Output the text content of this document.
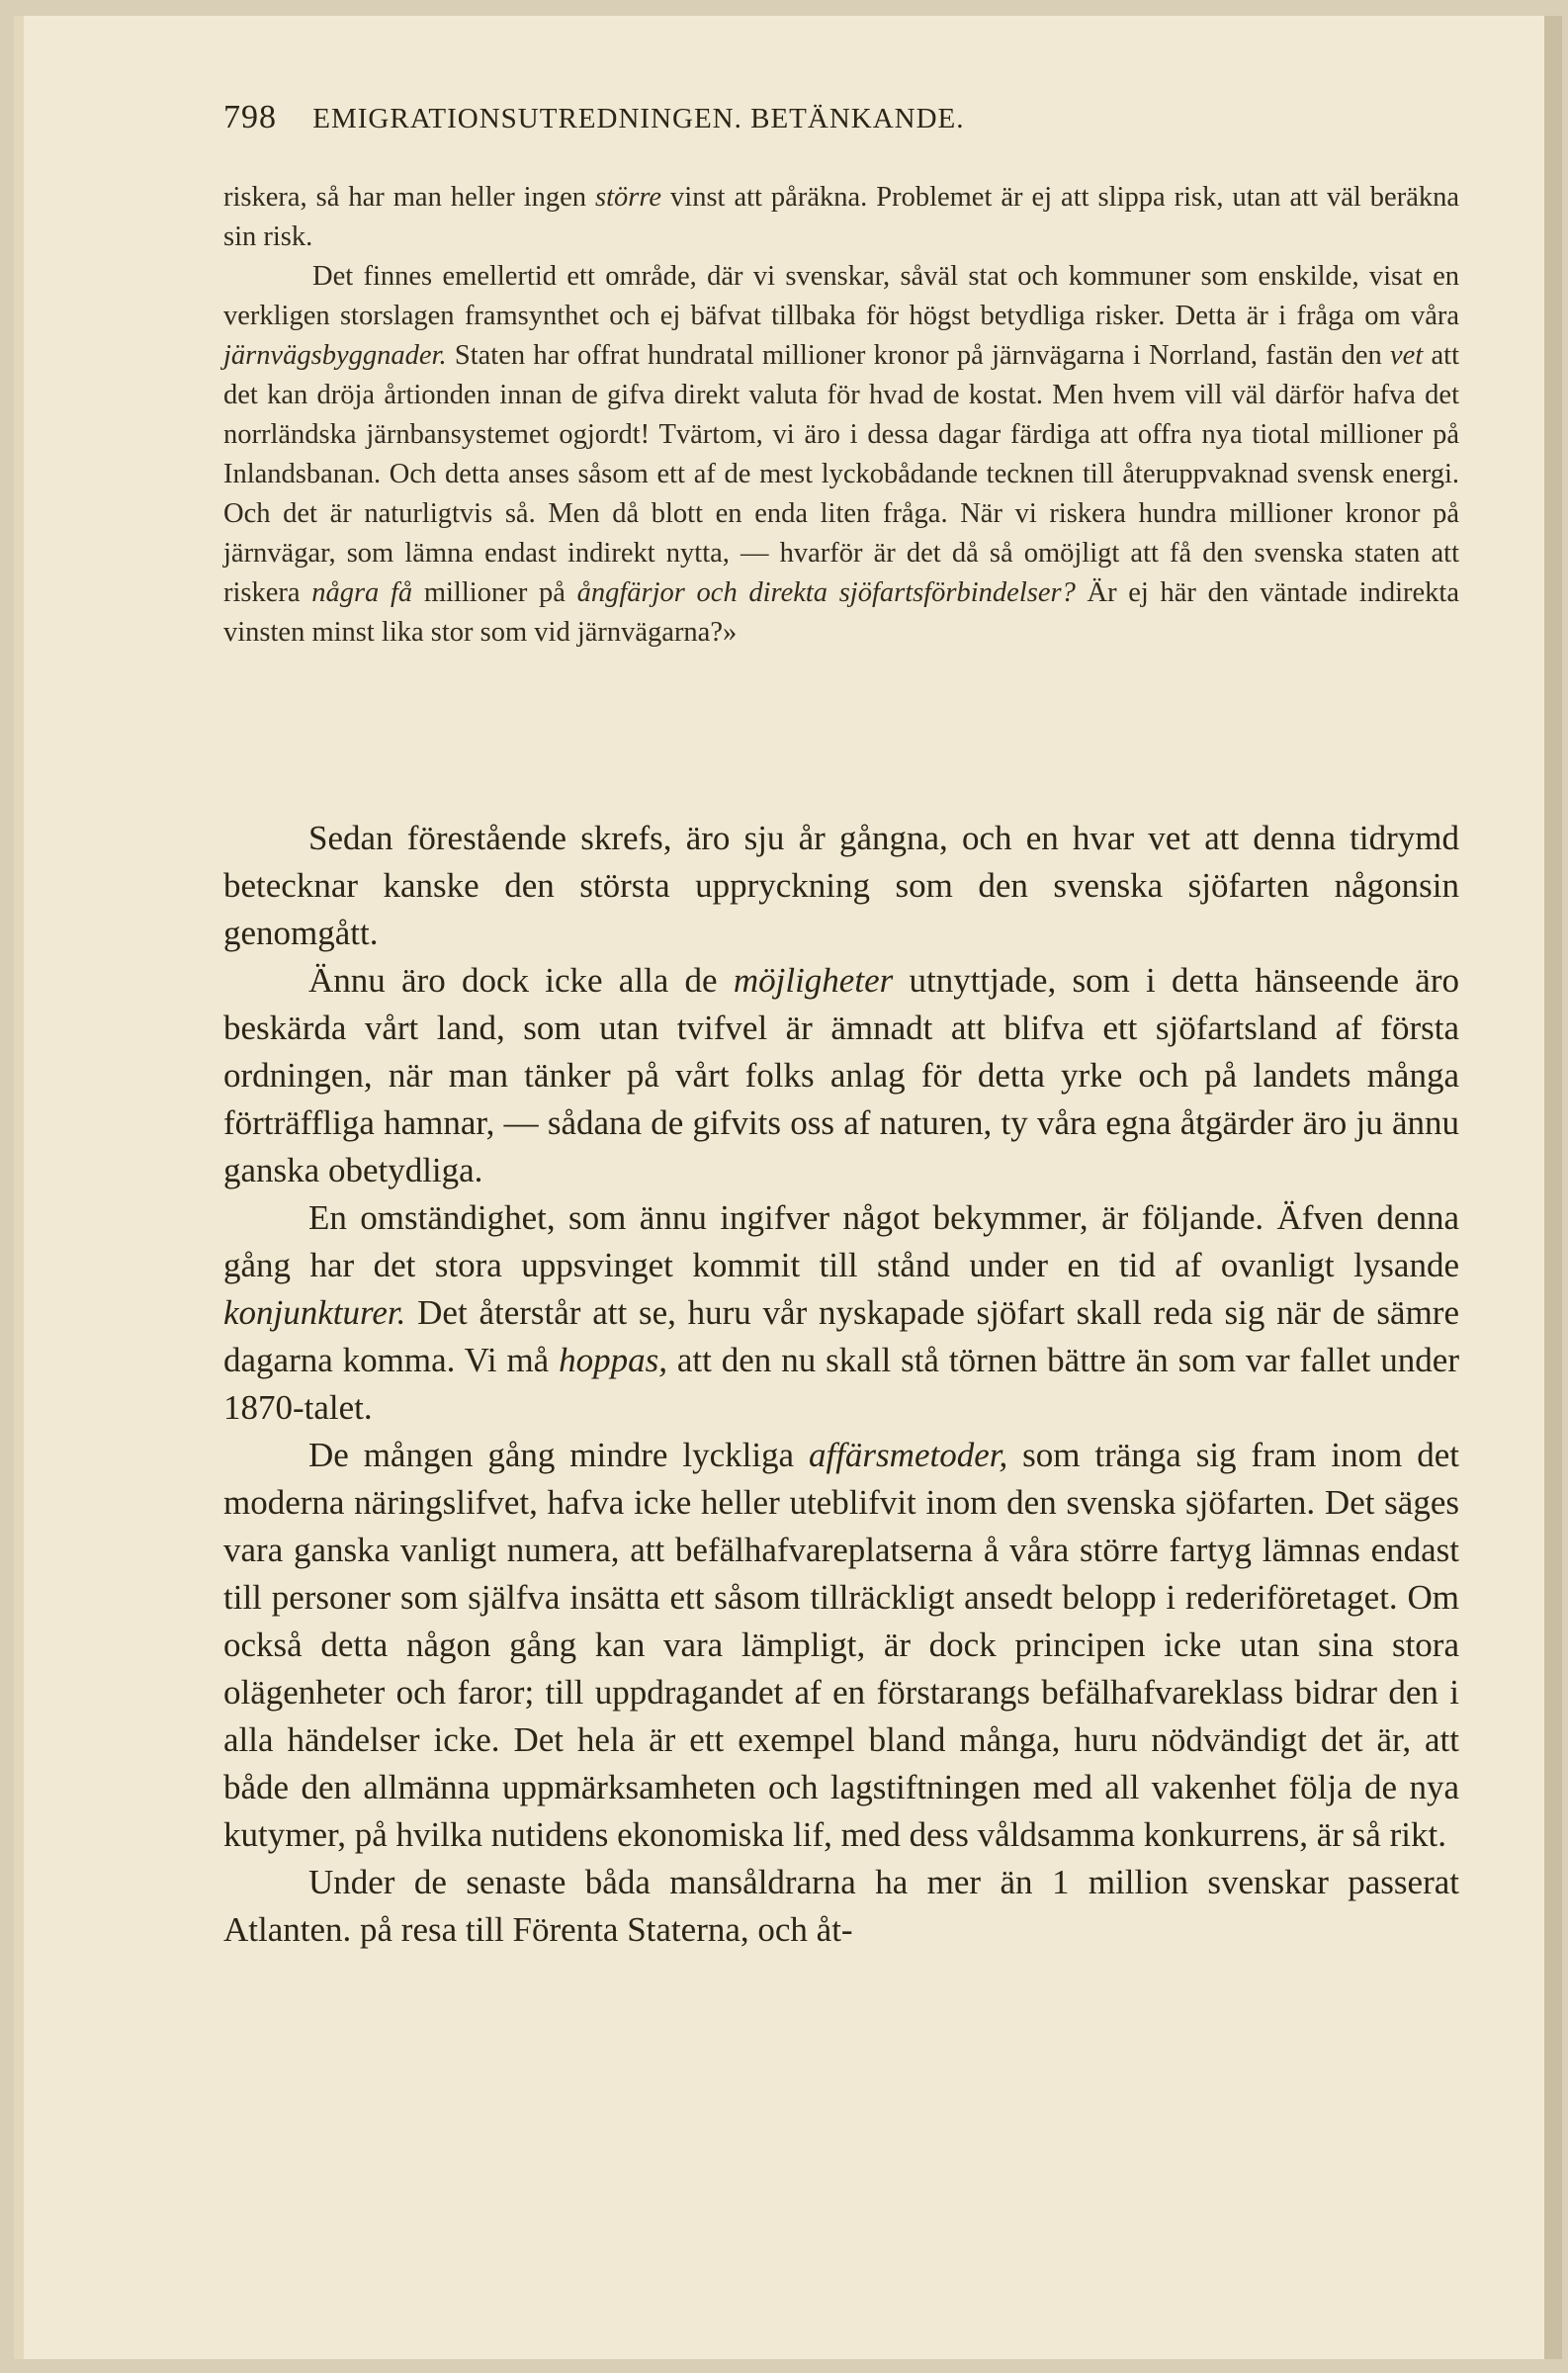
798 EMIGRATIONSUTREDNINGEN. BETÄNKANDE.

riskera, så har man heller ingen större vinst att påräkna. Problemet är ej att slippa risk, utan att väl beräkna sin risk.

Det finnes emellertid ett område, där vi svenskar, såväl stat och kommuner som enskilde, visat en verkligen storslagen framsynthet och ej bäfvat tillbaka för högst betydliga risker. Detta är i fråga om våra järnvägsbyggnader. Staten har offrat hundratal millioner kronor på järnvägarna i Norrland, fastän den vet att det kan dröja årtionden innan de gifva direkt valuta för hvad de kostat. Men hvem vill väl därför hafva det norrländska järnbansystemet ogjordt! Tvärtom, vi äro i dessa dagar färdiga att offra nya tiotal millioner på Inlandsbanan. Och detta anses såsom ett af de mest lyckobådande tecknen till återuppvaknad svensk energi. Och det är naturligtvis så. Men då blott en enda liten fråga. När vi riskera hundra millioner kronor på järnvägar, som lämna endast indirekt nytta, — hvarför är det då så omöjligt att få den svenska staten att riskera några få millioner på ångfärjor och direkta sjöfartsförbindelser? Är ej här den väntade indirekta vinsten minst lika stor som vid järnvägarna?»

Sedan förestående skrefs, äro sju år gångna, och en hvar vet att denna tidrymd betecknar kanske den största uppryckning som den svenska sjöfarten någonsin genomgått.

Ännu äro dock icke alla de möjligheter utnyttjade, som i detta hänseende äro beskärda vårt land, som utan tvifvel är ämnadt att blifva ett sjöfartsland af första ordningen, när man tänker på vårt folks anlag för detta yrke och på landets många förträffliga hamnar, — sådana de gifvits oss af naturen, ty våra egna åtgärder äro ju ännu ganska obetydliga.

En omständighet, som ännu ingifver något bekymmer, är följande. Äfven denna gång har det stora uppsvinget kommit till stånd under en tid af ovanligt lysande konjunkturer. Det återstår att se, huru vår nyskapade sjöfart skall reda sig när de sämre dagarna komma. Vi må hoppas, att den nu skall stå törnen bättre än som var fallet under 1870-talet.

De mången gång mindre lyckliga affärsmetoder, som tränga sig fram inom det moderna näringslifvet, hafva icke heller uteblifvit inom den svenska sjöfarten. Det säges vara ganska vanligt numera, att befälhafvareplatserna å våra större fartyg lämnas endast till personer som själfva insätta ett såsom tillräckligt ansedt belopp i rederiföretaget. Om också detta någon gång kan vara lämpligt, är dock principen icke utan sina stora olägenheter och faror; till uppdragandet af en förstarangs befälhafvareklass bidrar den i alla händelser icke. Det hela är ett exempel bland många, huru nödvändigt det är, att både den allmänna uppmärksamheten och lagstiftningen med all vakenhet följa de nya kutymer, på hvilka nutidens ekonomiska lif, med dess våldsamma konkurrens, är så rikt.

Under de senaste båda mansåldrarna ha mer än 1 million svenskar passerat Atlanten. på resa till Förenta Staterna, och åt-
